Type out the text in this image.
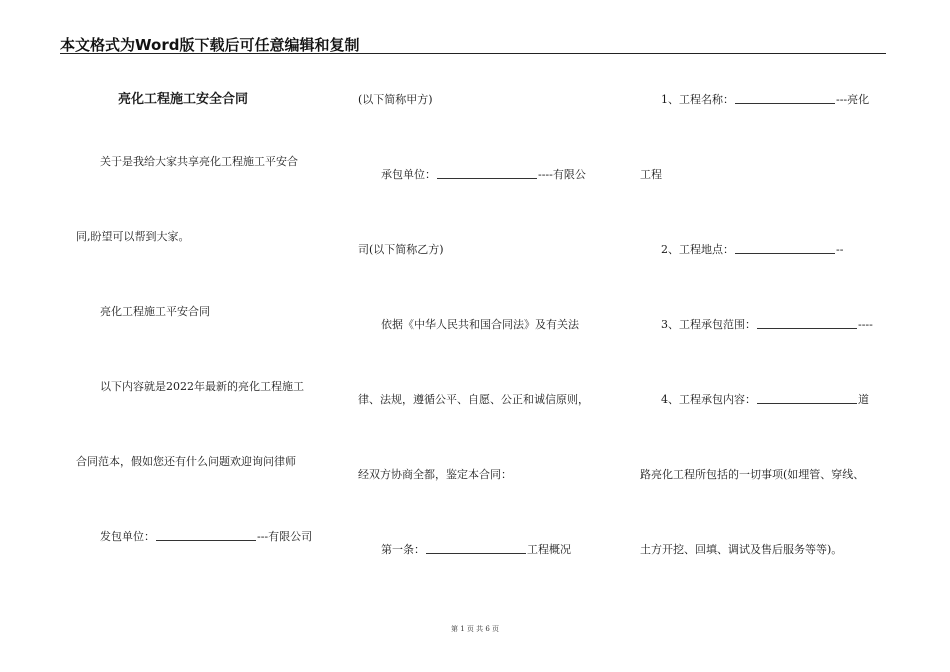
本文格式为Word版下载后可任意编辑和复制
亮化工程施工安全合同
关于是我给大家共享亮化工程施工平安合
同,盼望可以帮到大家。
亮化工程施工平安合同
以下内容就是2022年最新的亮化工程施工
合同范本，假如您还有什么问题欢迎询问律师
发包单位：	---有限公司
(以下简称甲方)
承包单位：	----有限公
司(以下简称乙方)
依据《中华人民共和国合同法》及有关法
律、法规，遵循公平、自愿、公正和诚信原则，
经双方协商全都，鉴定本合同：
第一条：	工程概况
1、工程名称：	---亮化
工程
2、工程地点：	--
3、工程承包范围：	----
4、工程承包内容：	道
路亮化工程所包括的一切事项(如埋管、穿线、
土方开挖、回填、调试及售后服务等等)。
第 1 页 共 6 页
